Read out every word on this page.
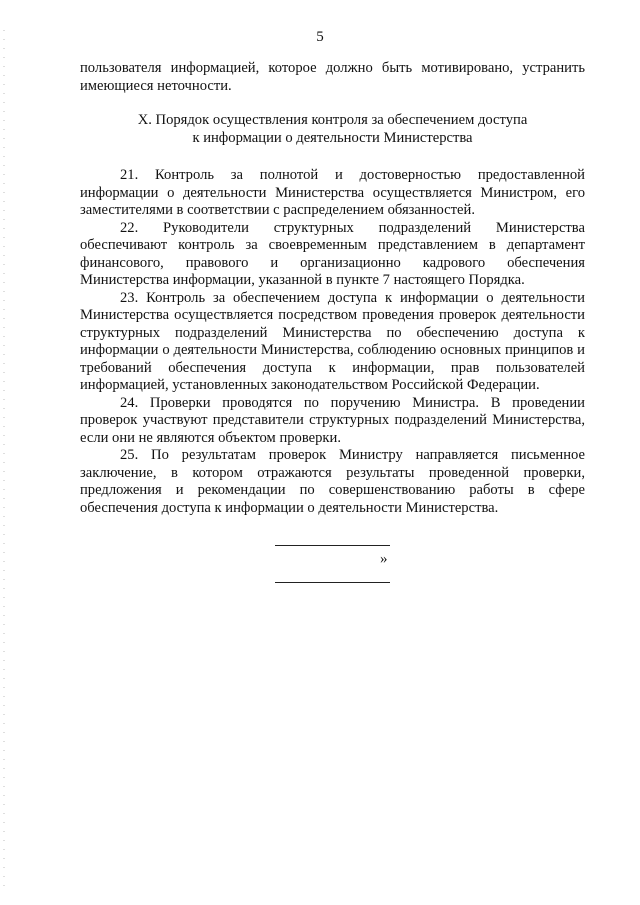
5
пользователя информацией, которое должно быть мотивировано, устранить имеющиеся неточности.
X. Порядок осуществления контроля за обеспечением доступа
к информации о деятельности Министерства

21. Контроль за полнотой и достоверностью предоставленной информации о деятельности Министерства осуществляется Министром, его заместителями в соответствии с распределением обязанностей.

22. Руководители структурных подразделений Министерства обеспечивают контроль за своевременным представлением в департамент финансового, правового и организационно кадрового обеспечения Министерства информации, указанной в пункте 7 настоящего Порядка.

23. Контроль за обеспечением доступа к информации о деятельности Министерства осуществляется посредством проведения проверок деятельности структурных подразделений Министерства по обеспечению доступа к информации о деятельности Министерства, соблюдению основных принципов и требований обеспечения доступа к информации, прав пользователей информацией, установленных законодательством Российской Федерации.

24. Проверки проводятся по поручению Министра. В проведении проверок участвуют представители структурных подразделений Министерства, если они не являются объектом проверки.

25. По результатам проверок Министру направляется письменное заключение, в котором отражаются результаты проведенной проверки, предложения и рекомендации по совершенствованию работы в сфере обеспечения доступа к информации о деятельности Министерства.

»
